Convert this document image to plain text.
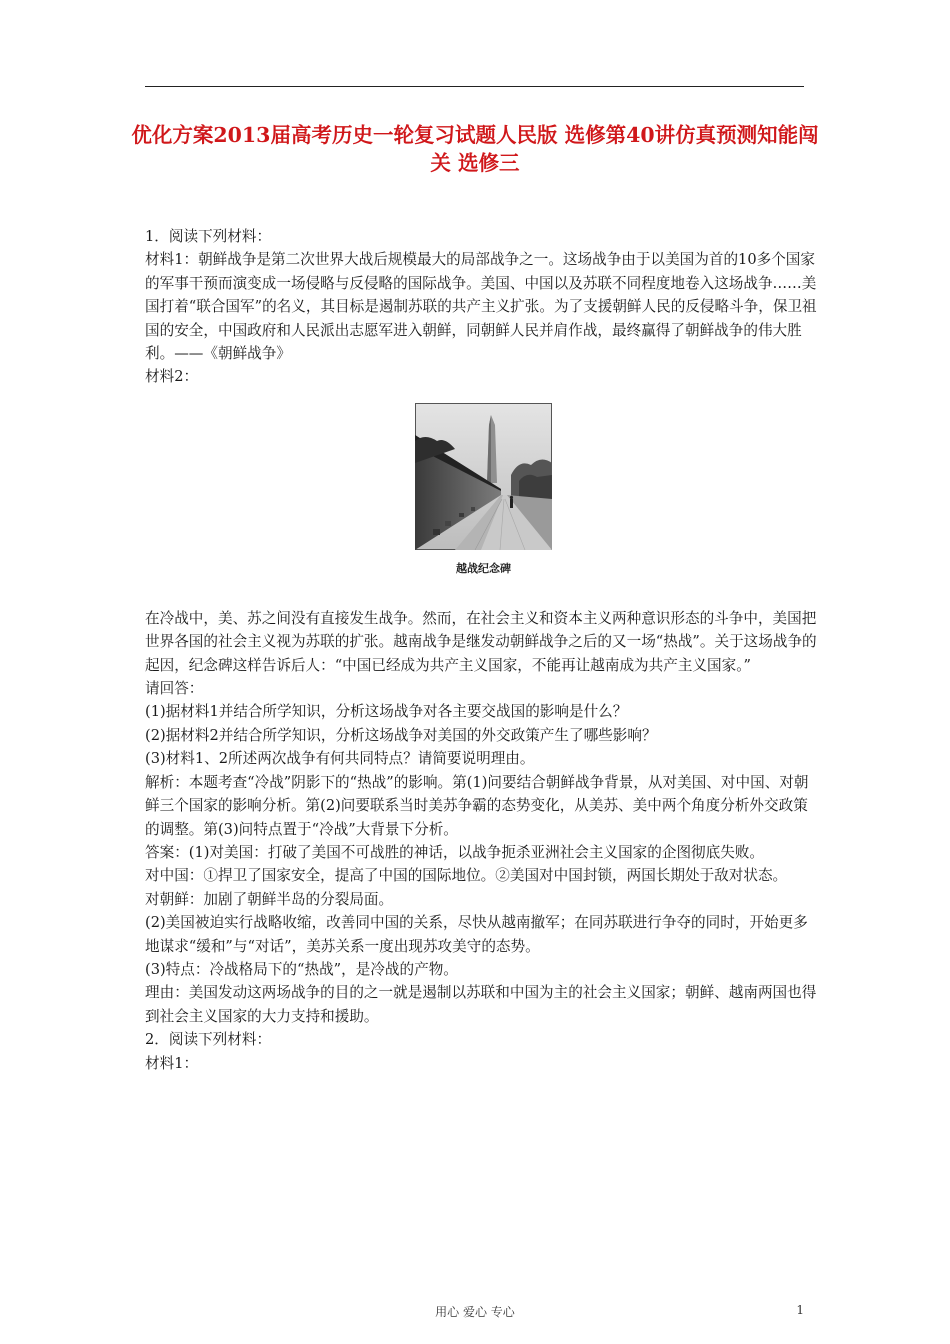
优化方案2013届高考历史一轮复习试题人民版 选修第40讲仿真预测知能闯关 选修三

1．阅读下列材料：

材料1：朝鲜战争是第二次世界大战后规模最大的局部战争之一。这场战争由于以美国为首的10多个国家的军事干预而演变成一场侵略与反侵略的国际战争。美国、中国以及苏联不同程度地卷入这场战争……美国打着“联合国军”的名义，其目标是遏制苏联的共产主义扩张。为了支援朝鲜人民的反侵略斗争，保卫祖国的安全，中国政府和人民派出志愿军进入朝鲜，同朝鲜人民并肩作战，最终赢得了朝鲜战争的伟大胜利。——《朝鲜战争》

材料2：

越战纪念碑

在冷战中，美、苏之间没有直接发生战争。然而，在社会主义和资本主义两种意识形态的斗争中，美国把世界各国的社会主义视为苏联的扩张。越南战争是继发动朝鲜战争之后的又一场“热战”。关于这场战争的起因，纪念碑这样告诉后人：“中国已经成为共产主义国家，不能再让越南成为共产主义国家。”

请回答：

(1)据材料1并结合所学知识，分析这场战争对各主要交战国的影响是什么？

(2)据材料2并结合所学知识，分析这场战争对美国的外交政策产生了哪些影响？

(3)材料1、2所述两次战争有何共同特点？请简要说明理由。

解析：本题考查“冷战”阴影下的“热战”的影响。第(1)问要结合朝鲜战争背景，从对美国、对中国、对朝鲜三个国家的影响分析。第(2)问要联系当时美苏争霸的态势变化，从美苏、美中两个角度分析外交政策的调整。第(3)问特点置于“冷战”大背景下分析。

答案：(1)对美国：打破了美国不可战胜的神话，以战争扼杀亚洲社会主义国家的企图彻底失败。

对中国：①捍卫了国家安全，提高了中国的国际地位。②美国对中国封锁，两国长期处于敌对状态。

对朝鲜：加剧了朝鲜半岛的分裂局面。

(2)美国被迫实行战略收缩，改善同中国的关系，尽快从越南撤军；在同苏联进行争夺的同时，开始更多地谋求“缓和”与“对话”，美苏关系一度出现苏攻美守的态势。

(3)特点：冷战格局下的“热战”，是冷战的产物。

理由：美国发动这两场战争的目的之一就是遏制以苏联和中国为主的社会主义国家；朝鲜、越南两国也得到社会主义国家的大力支持和援助。

2．阅读下列材料：

材料1：

用心 爱心 专心	1
